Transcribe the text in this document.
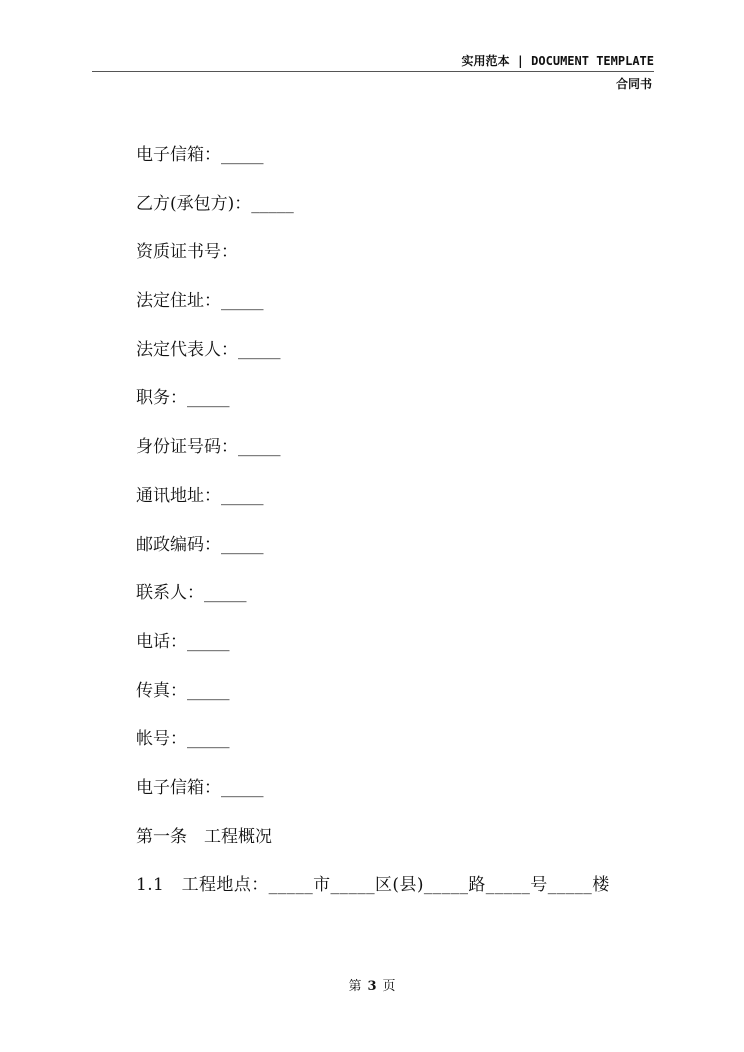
实用范本 | DOCUMENT TEMPLATE
合同书
电子信箱：_____
乙方(承包方)：_____
资质证书号：
法定住址：_____
法定代表人：_____
职务：_____
身份证号码：_____
通讯地址：_____
邮政编码：_____
联系人：_____
电话：_____
传真：_____
帐号：_____
电子信箱：_____
第一条　工程概况
1.1　工程地点：_____市_____区(县)_____路_____号_____楼
第 3 页
